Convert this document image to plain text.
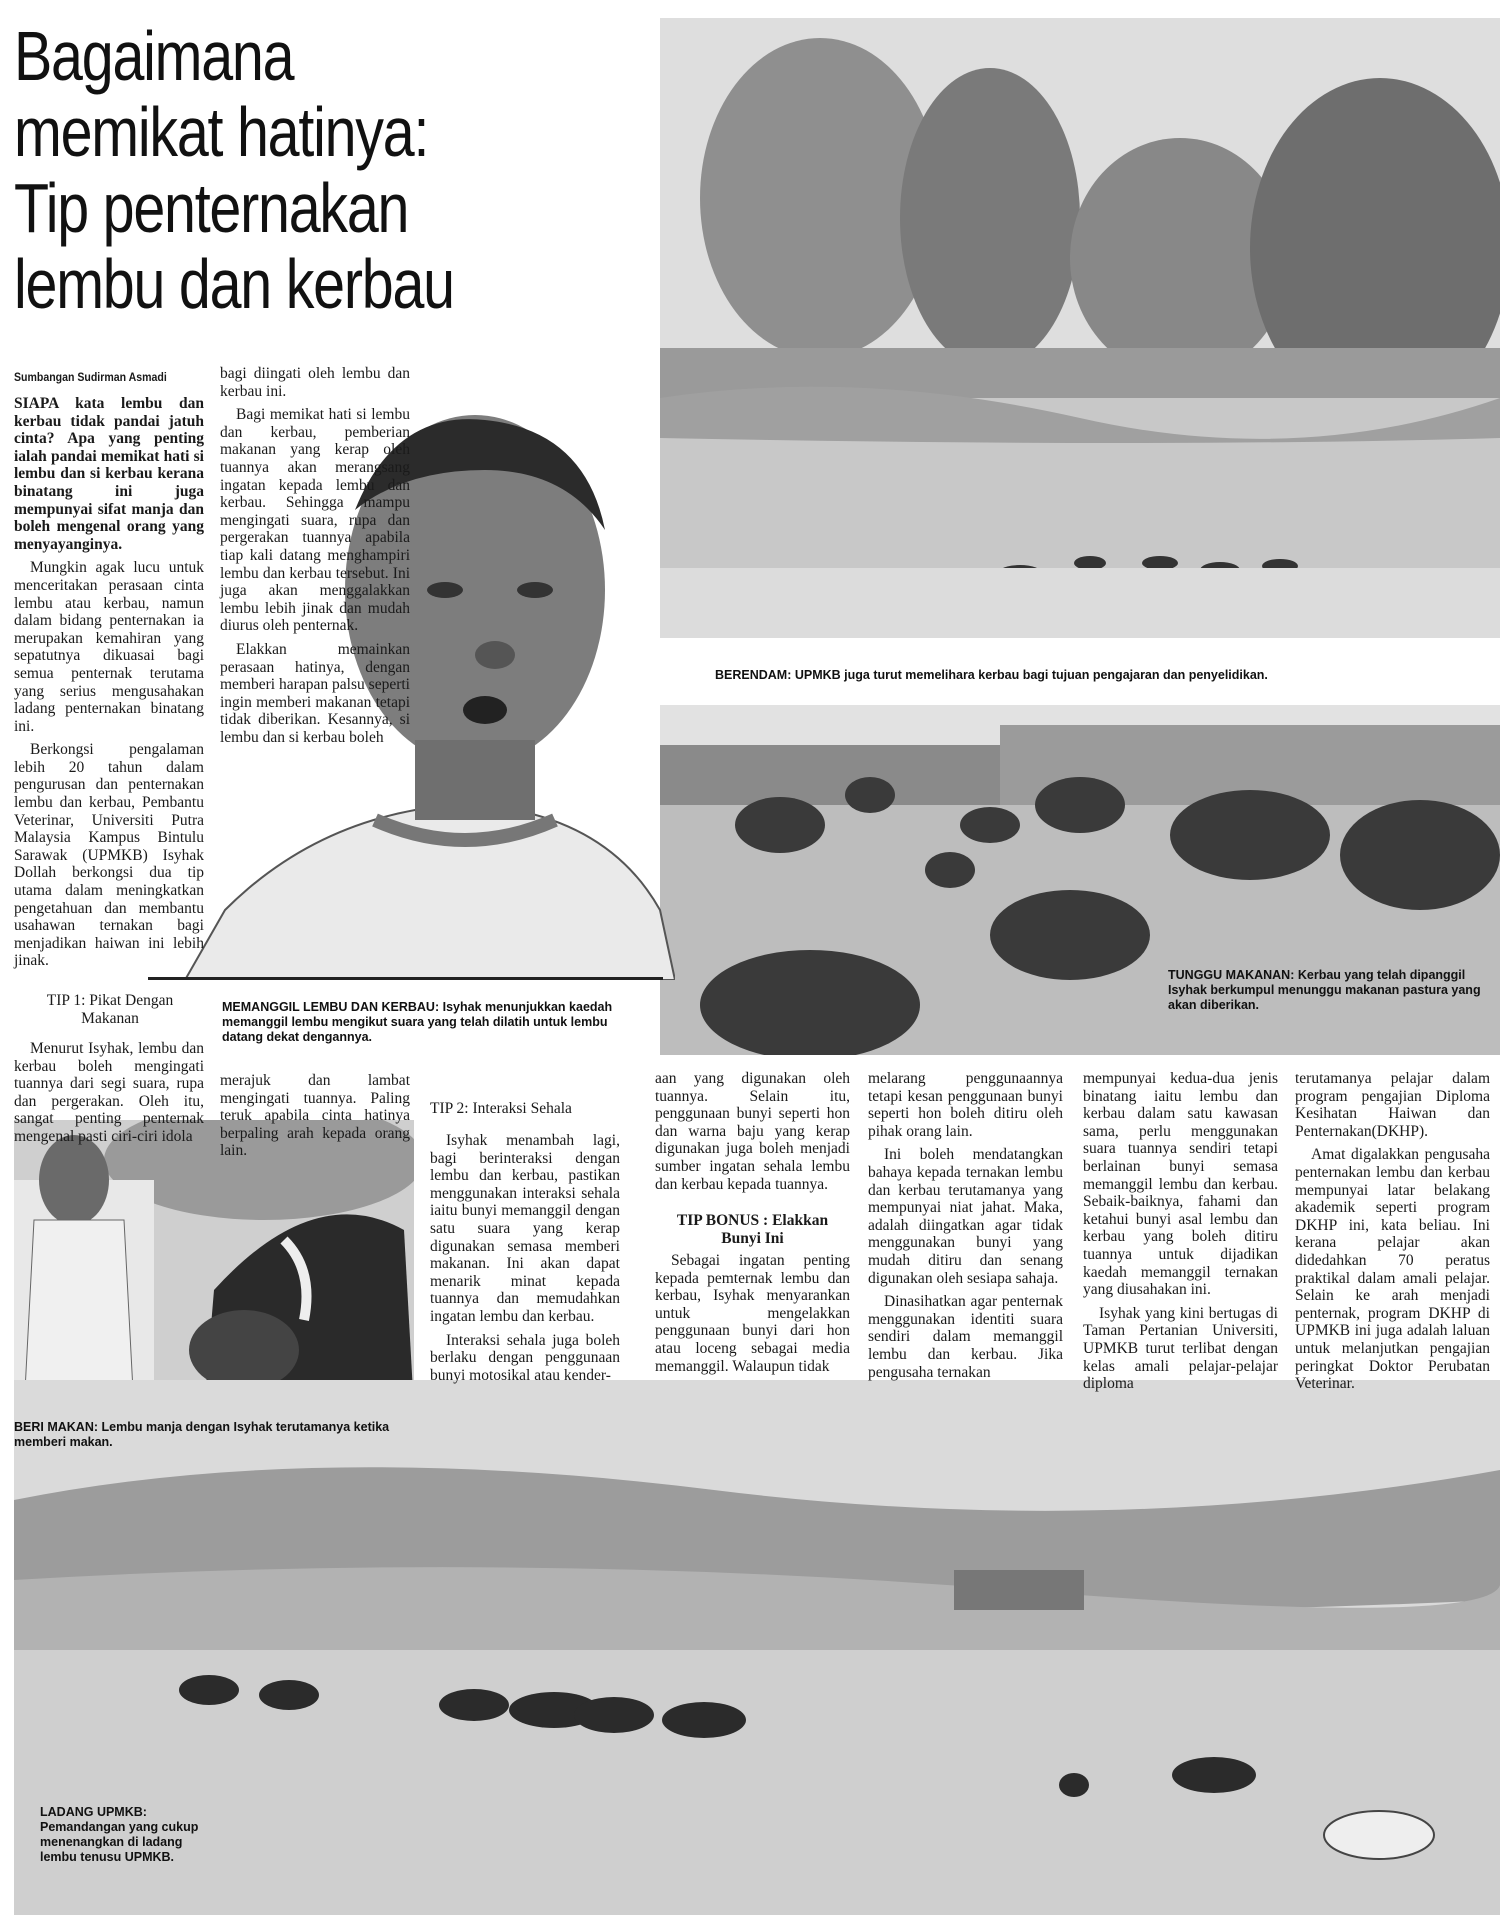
Bagaimana
memikat hatinya:
Tip penternakan
lembu dan kerbau
Sumbangan Sudirman Asmadi

SIAPA kata lembu dan kerbau tidak pandai jatuh cinta? Apa yang penting ialah pandai memikat hati si lembu dan si kerbau kerana binatang ini juga mempunyai sifat manja dan boleh mengenal orang yang menyayanginya.

Mungkin agak lucu untuk menceritakan perasaan cinta lembu atau kerbau, namun dalam bidang penternakan ia merupakan kemahiran yang sepatutnya dikuasai bagi semua penternak terutama yang serius mengusahakan ladang penternakan binatang ini.

Berkongsi pengalaman lebih 20 tahun dalam pengurusan dan penternakan lembu dan kerbau, Pembantu Veterinar, Universiti Putra Malaysia Kampus Bintulu Sarawak (UPMKB) Isyhak Dollah berkongsi dua tip utama dalam meningkatkan pengetahuan dan membantu usahawan ternakan bagi menjadikan haiwan ini lebih jinak.

TIP 1: Pikat Dengan Makanan

Menurut Isyhak, lembu dan kerbau boleh mengingati tuannya dari segi suara, rupa dan pergerakan. Oleh itu, sangat penting penternak mengenal pasti ciri-ciri idola

bagi diingati oleh lembu dan kerbau ini.

Bagi memikat hati si lembu dan kerbau, pemberian makanan yang kerap oleh tuannya akan merangsang ingatan kepada lembu dan kerbau. Sehingga mampu mengingati suara, rupa dan pergerakan tuannya apabila tiap kali datang menghampiri lembu dan kerbau tersebut. Ini juga akan menggalakkan lembu lebih jinak dan mudah diurus oleh penternak.

Elakkan memainkan perasaan hatinya, dengan memberi harapan palsu seperti ingin memberi makanan tetapi tidak diberikan. Kesannya, si lembu dan si kerbau boleh

merajuk dan lambat mengingati tuannya. Paling teruk apabila cinta hatinya berpaling arah kepada orang lain.

MEMANGGIL LEMBU DAN KERBAU: Isyhak menunjukkan kaedah memanggil lembu mengikut suara yang telah dilatih untuk lembu datang dekat dengannya.
TIP 2: Interaksi Sehala

Isyhak menambah lagi, bagi berinteraksi dengan lembu dan kerbau, pastikan menggunakan interaksi sehala iaitu bunyi memanggil dengan satu suara yang kerap digunakan semasa memberi makanan. Ini akan dapat menarik minat kepada tuannya dan memudahkan ingatan lembu dan kerbau.

Interaksi sehala juga boleh berlaku dengan penggunaan bunyi motosikal atau kender-

aan yang digunakan oleh tuannya. Selain itu, penggunaan bunyi seperti hon dan warna baju yang kerap digunakan juga boleh menjadi sumber ingatan sehala lembu dan kerbau kepada tuannya.

TIP BONUS : Elakkan Bunyi Ini

Sebagai ingatan penting kepada pemternak lembu dan kerbau, Isyhak menyarankan untuk mengelakkan penggunaan bunyi dari hon atau loceng sebagai media memanggil. Walaupun tidak

melarang penggunaannya tetapi kesan penggunaan bunyi seperti hon boleh ditiru oleh pihak orang lain.

Ini boleh mendatangkan bahaya kepada ternakan lembu dan kerbau terutamanya yang mempunyai niat jahat. Maka, adalah diingatkan agar tidak menggunakan bunyi yang mudah ditiru dan senang digunakan oleh sesiapa sahaja.

Dinasihatkan agar penternak menggunakan identiti suara sendiri dalam memanggil lembu dan kerbau. Jika pengusaha ternakan

mempunyai kedua-dua jenis binatang iaitu lembu dan kerbau dalam satu kawasan sama, perlu menggunakan suara tuannya sendiri tetapi berlainan bunyi semasa memanggil lembu dan kerbau. Sebaik-baiknya, fahami dan ketahui bunyi asal lembu dan kerbau yang boleh ditiru tuannya untuk dijadikan kaedah memanggil ternakan yang diusahakan ini.

Isyhak yang kini bertugas di Taman Pertanian Universiti, UPMKB turut terlibat dengan kelas amali pelajar-pelajar diploma

terutamanya pelajar dalam program pengajian Diploma Kesihatan Haiwan dan Penternakan(DKHP).

Amat digalakkan pengusaha penternakan lembu dan kerbau mempunyai latar belakang akademik seperti program DKHP ini, kata beliau. Ini kerana pelajar akan didedahkan 70 peratus praktikal dalam amali pelajar. Selain ke arah menjadi penternak, program DKHP di UPMKB ini juga adalah laluan untuk melanjutkan pengajian peringkat Doktor Perubatan Veterinar.

BERENDAM: UPMKB juga turut memelihara kerbau bagi tujuan pengajaran dan penyelidikan.
TUNGGU MAKANAN: Kerbau yang telah dipanggil Isyhak berkumpul menunggu makanan pastura yang akan diberikan.
BERI MAKAN: Lembu manja dengan Isyhak terutamanya ketika memberi makan.
LADANG UPMKB: Pemandangan yang cukup menenangkan di ladang lembu tenusu UPMKB.
